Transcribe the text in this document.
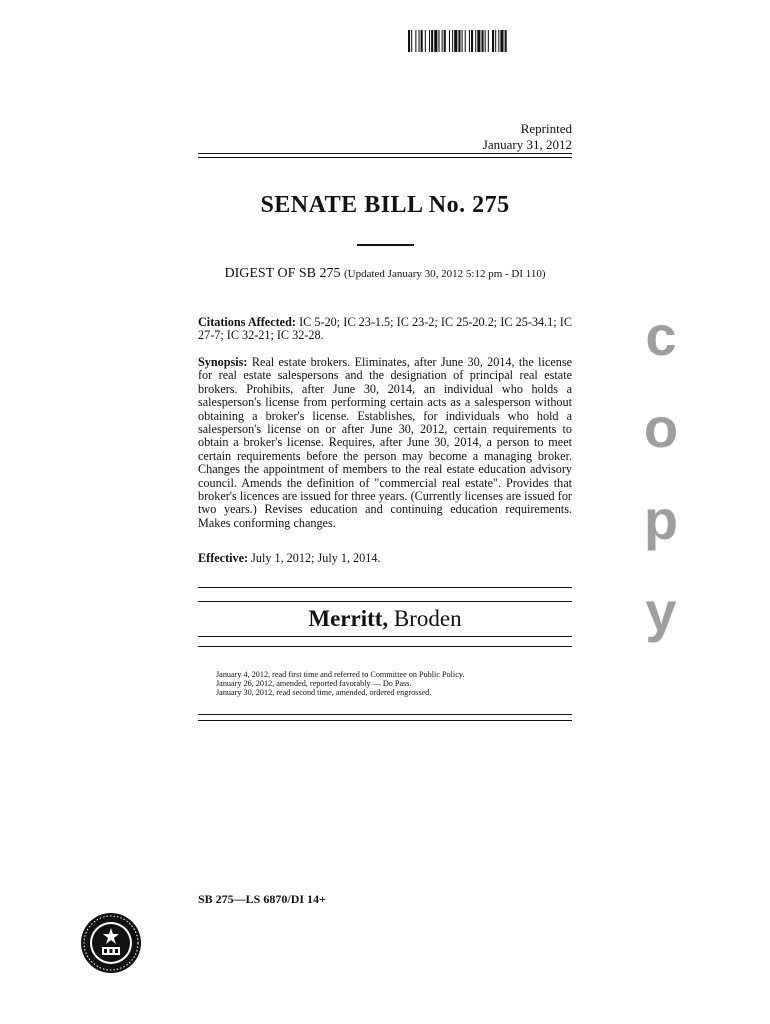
Reprinted
January 31, 2012
SENATE BILL No. 275
DIGEST OF SB 275 (Updated January 30, 2012 5:12 pm - DI 110)
Citations Affected: IC 5-20; IC 23-1.5; IC 23-2; IC 25-20.2; IC 25-34.1; IC 27-7; IC 32-21; IC 32-28.
Synopsis: Real estate brokers. Eliminates, after June 30, 2014, the license for real estate salespersons and the designation of principal real estate brokers. Prohibits, after June 30, 2014, an individual who holds a salesperson's license from performing certain acts as a salesperson without obtaining a broker's license. Establishes, for individuals who hold a salesperson's license on or after June 30, 2012, certain requirements to obtain a broker's license. Requires, after June 30, 2014, a person to meet certain requirements before the person may become a managing broker. Changes the appointment of members to the real estate education advisory council. Amends the definition of "commercial real estate". Provides that broker's licences are issued for three years. (Currently licenses are issued for two years.) Revises education and continuing education requirements. Makes conforming changes.
Effective: July 1, 2012; July 1, 2014.
Merritt, Broden
January 4, 2012, read first time and referred to Committee on Public Policy.
January 26, 2012, amended, reported favorably — Do Pass.
January 30, 2012, read second time, amended, ordered engrossed.
c
o
p
y
SB 275—LS 6870/DI 14+
